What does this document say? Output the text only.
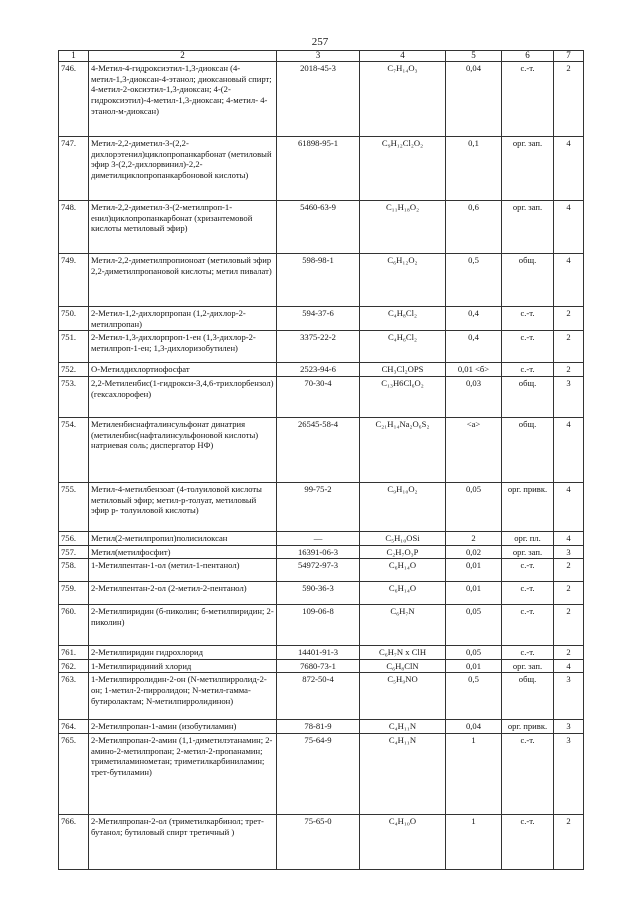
257
1	2	3	4	5	6	7
746.	4-Метил-4-гидроксиэтил-1,3-диоксан (4-метил-1,3-диоксан-4-этанол; диоксановый спирт; 4-метил-2-оксиэтил-1,3-диоксан; 4-(2-гидроксиэтил)-4-метил-1,3-диоксан; 4-метил- 4-этанол-м-диоксан)	2018-45-3	C₇H₁₄O₃	0,04	с.-т.	2
747.	Метил-2,2-диметил-3-(2,2-дихлорэтенил)циклопропанкарбонат (метиловый эфир 3-(2,2-дихлорвинил)-2,2- диметилциклопропанкарбоновой кислоты)	61898-95-1	C₉H₁₂Cl₂O₂	0,1	орг. зап.	4
748.	Метил-2,2-диметил-3-(2-метилпроп-1-енил)циклопропанкарбонат (хризантемовой кислоты метиловый эфир)	5460-63-9	C₁₁H₁₈O₂	0,6	орг. зап.	4
749.	Метил-2,2-диметилпропионоат (метиловый эфир 2,2-диметилпропановой кислоты; метил пивалат)	598-98-1	C₆H₁₂O₂	0,5	общ.	4
750.	2-Метил-1,2-дихлорпропан (1,2-дихлор-2-метилпропан)	594-37-6	C₄H₈Cl₂	0,4	с.-т.	2
751.	2-Метил-1,3-дихлорпроп-1-ен (1,3-дихлор-2-метилпроп-1-ен; 1,3-дихлоризобутилен)	3375-22-2	C₄H₆Cl₂	0,4	с.-т.	2
752.	О-Метилдихлортиофосфат	2523-94-6	CH₃Cl₂OPS	0,01 <б>	с.-т.	2
753.	2,2-Метиленбис(1-гидрокси-3,4,6-трихлорбензол) (гексахлорофен)	70-30-4	C₁₃H6Cl₆O₂	0,03	общ.	3
754.	Метиленбиснафталинсульфонат динатрия (метиленбис(нафталинсульфоновой кислоты) натриевая соль; диспергатор НФ)	26545-58-4	C₂₁H₁₄Na₂O₆S₂	<а>	общ.	4
755.	Метил-4-метилбензоат (4-толуиловой кислоты метиловый эфир; метил-р-толуат, метиловый эфир р- толуиловой кислоты)	99-75-2	C₉H₁₀O₂	0,05	орг. привк.	4
756.	Метил(2-метилпропил)полисилоксан	—	C₅H₁₀OSi	2	орг. пл.	4
757.	Метил(метилфосфит)	16391-06-3	C₂H₇O₃P	0,02	орг. зап.	3
758.	1-Метилпентан-1-ол (метил-1-пентанол)	54972-97-3	C₆H₁₄O	0,01	с.-т.	2
759.	2-Метилпентан-2-ол (2-метил-2-пентанол)	590-36-3	C₆H₁₄O	0,01	с.-т.	2
760.	2-Метилпиридин (б-пиколин; б-метилпиридин; 2-пиколин)	109-06-8	C₆H₇N	0,05	с.-т.	2
761.	2-Метилпиридин гидрохлорид	14401-91-3	C₆H₇N x ClH	0,05	с.-т.	2
762.	1-Метилпиридиний хлорид	7680-73-1	C₆H₈ClN	0,01	орг. зап.	4
763.	1-Метилпирролидин-2-он (N-метилпирролид-2-он; 1-метил-2-пирролидон; N-метил-гамма-бутиролактам; N-метилпирролидинон)	872-50-4	C₅H₉NO	0,5	общ.	3
764.	2-Метилпропан-1-амин (изобутиламин)	78-81-9	C₄H₁₁N	0,04	орг. привк.	3
765.	2-Метилпропан-2-амин (1,1-диметилэтанамин; 2-амино-2-метилпропан; 2-метил-2-пропанамин; триметиламинометан; триметилкарбиниламин; трет-бутиламин)	75-64-9	C₄H₁₁N	1	с.-т.	3
766.	2-Метилпропан-2-ол (триметилкарбинол; трет-бутанол; бутиловый спирт третичный )	75-65-0	C₄H₁₀O	1	с.-т.	2
